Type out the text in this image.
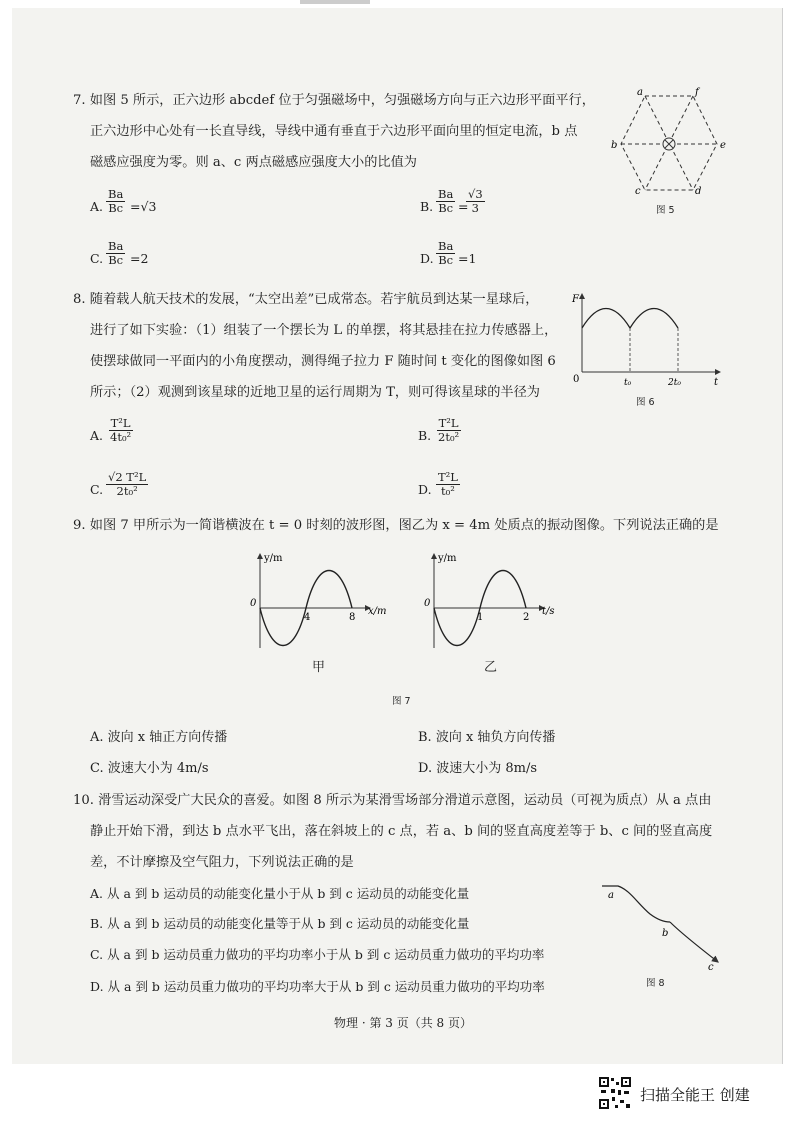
7. 如图 5 所示，正六边形 abcdef 位于匀强磁场中，匀强磁场方向与正六边形平面平行，
正六边形中心处有一长直导线，导线中通有垂直于六边形平面向里的恒定电流，b 点
磁感应强度为零。则 a、c 两点磁感应强度大小的比值为
A. $\frac{Ba}{Bc} =√3$	B. $\frac{Ba}{Bc}$ =
$\frac{√3}{3}$
C. $\frac{Ba}{Bc} =2$	D. $\frac{Ba}{Bc} =1$
a	f
b	e
c	d
图 5
8. 随着载人航天技术的发展，“太空出差”已成常态。若宇航员到达某一星球后，
进行了如下实验：（1）组装了一个摆长为 L 的单摆，将其悬挂在拉力传感器上，
使摆球做同一平面内的小角度摆动，测得绳子拉力 F 随时间 t 变化的图像如图 6
所示；（2）观测到该星球的近地卫星的运行周期为 T，则可得该星球的半径为
A. $\frac{\text{T²L}}{\text{4t₀²}}$	B. $\frac{\text{T²L}}{\text{2t₀²}}$
C. $\frac{\text{√2 T²L}}{\text{2t₀²}}$	D. $\frac{\text{T²L}}{\text{t₀²}}$
F
t
0	t₀	2t₀
图 6
9. 如图 7 甲所示为一简谐横波在 t = 0 时刻的波形图，图乙为 x = 4m 处质点的振动图像。下列说法正确的是
y/m
x/m
0
4	8
甲
y/m
t/s
0
1	2
乙
图 7
A. 波向 x 轴正方向传播	B. 波向 x 轴负方向传播
C. 波速大小为 4m/s	D. 波速大小为 8m/s
10. 滑雪运动深受广大民众的喜爱。如图 8 所示为某滑雪场部分滑道示意图，运动员（可视为质点）从 a 点由
静止开始下滑，到达 b 点水平飞出，落在斜坡上的 c 点，若 a、b 间的竖直高度差等于 b、c 间的竖直高度
差，不计摩擦及空气阻力，下列说法正确的是
A. 从 a 到 b 运动员的动能变化量小于从 b 到 c 运动员的动能变化量
B. 从 a 到 b 运动员的动能变化量等于从 b 到 c 运动员的动能变化量
C. 从 a 到 b 运动员重力做功的平均功率小于从 b 到 c 运动员重力做功的平均功率
D. 从 a 到 b 运动员重力做功的平均功率大于从 b 到 c 运动员重力做功的平均功率
a
b
c
图 8
物理 · 第 3 页（共 8 页）
扫描全能王 创建
